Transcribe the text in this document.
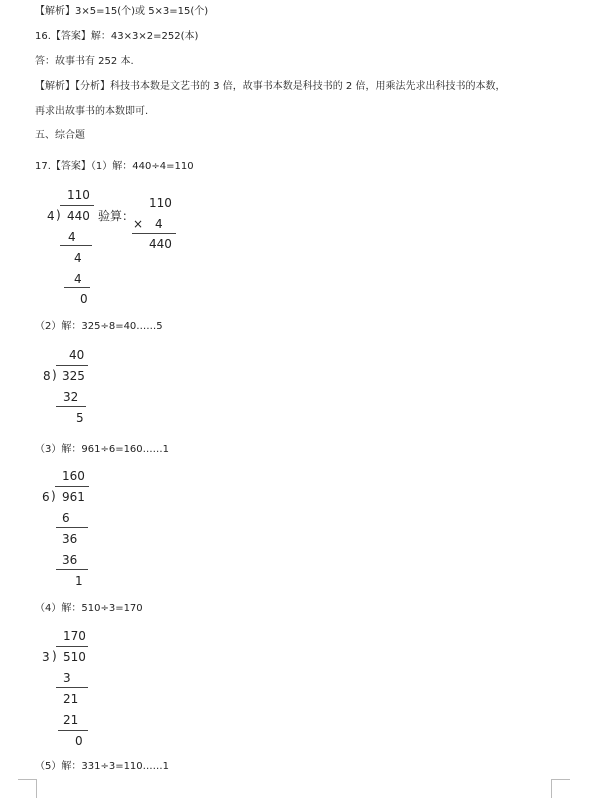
【解析】3×5=15(个)或 5×3=15(个)
16.【答案】解：43×3×2=252(本)
答：故事书有 252 本.
【解析】【分析】科技书本数是文艺书的 3 倍，故事书本数是科技书的 2 倍，用乘法先求出科技书的本数，
再求出故事书的本数即可.
五、综合题
17.【答案】（1）解：440÷4=110
110
4 ) 440 验算：
4
4
4
0
110
× 4
440
（2）解：325÷8=40……5
40
8 ) 325
32
5
（3）解：961÷6=160……1
160
6 ) 961
6
36
36
1
（4）解：510÷3=170
170
3 ) 510
3
21
21
0
（5）解：331÷3=110……1
